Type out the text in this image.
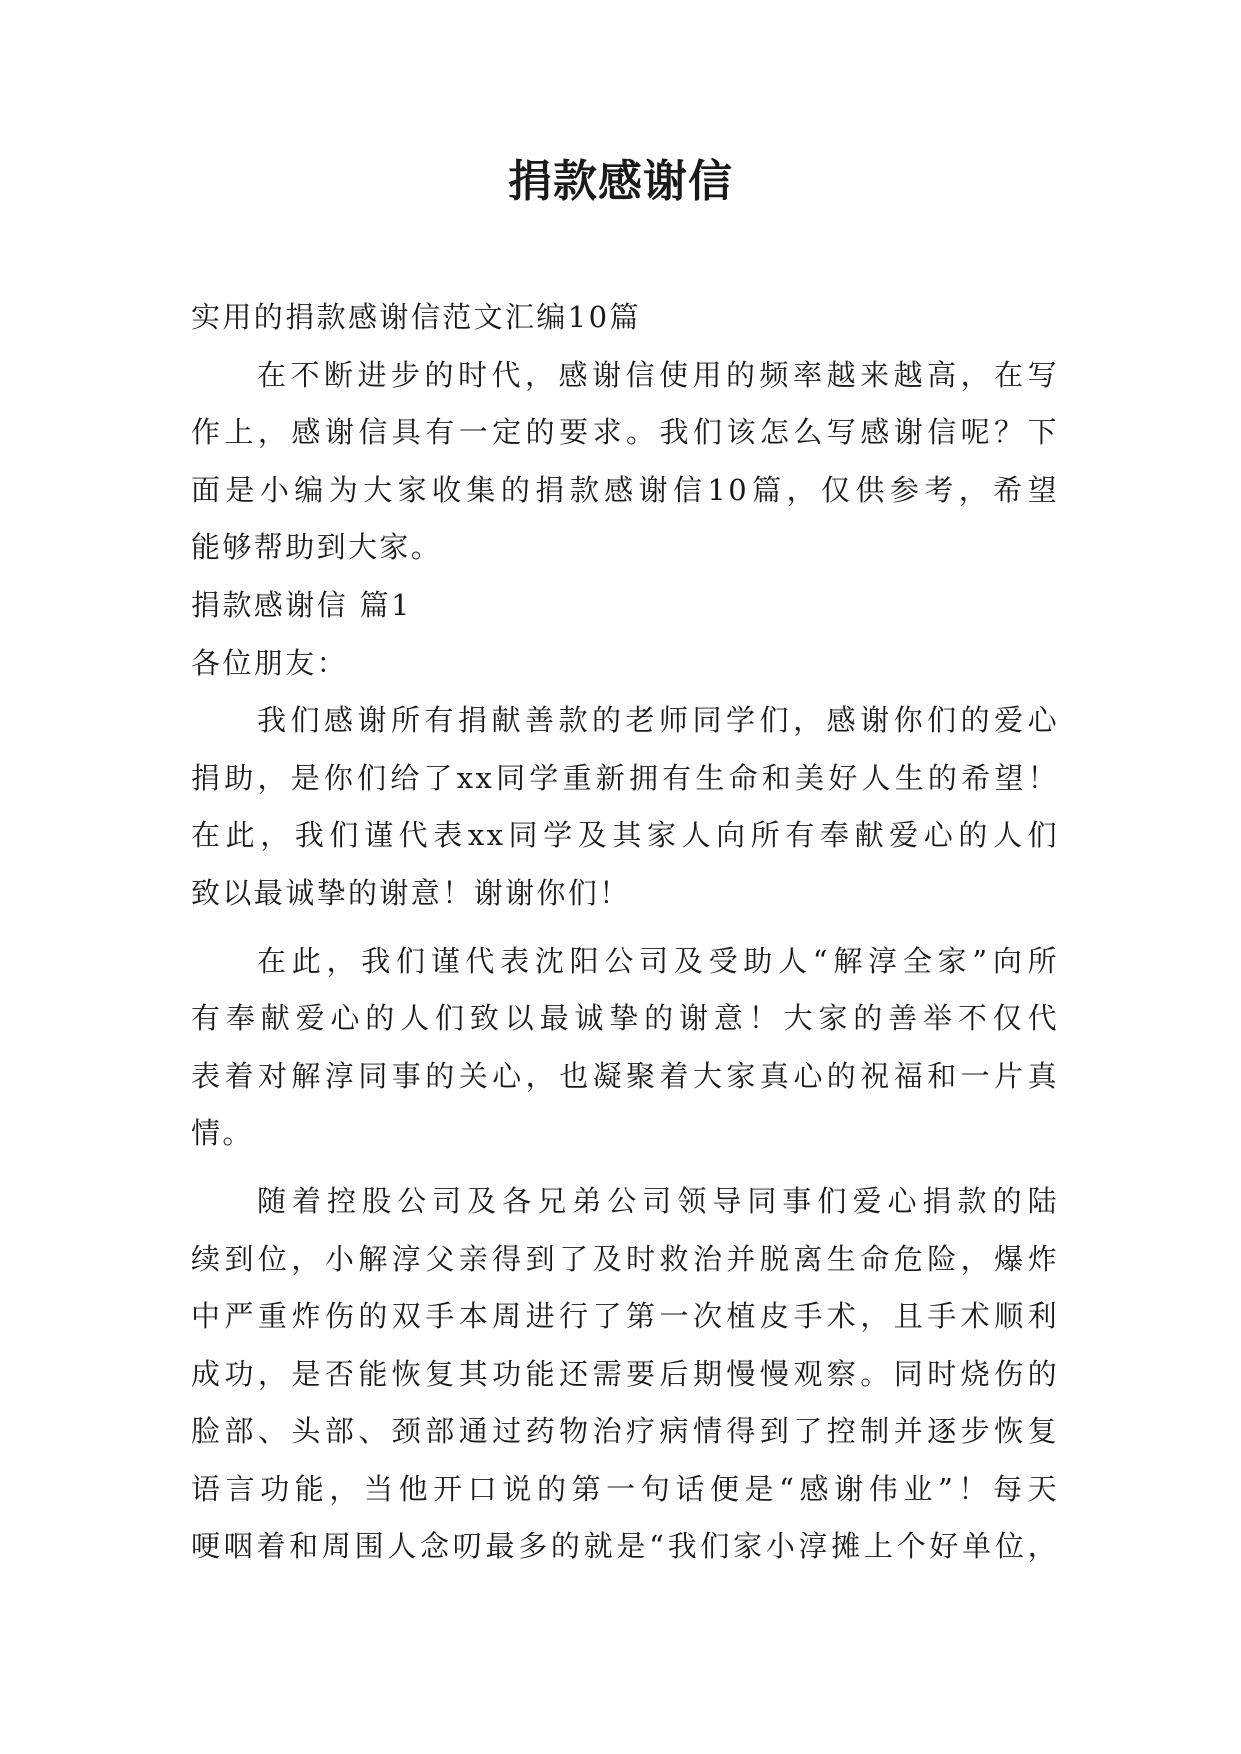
捐款感谢信

实用的捐款感谢信范文汇编10篇

在不断进步的时代，感谢信使用的频率越来越高，在写

作上，感谢信具有一定的要求。我们该怎么写感谢信呢？下

面是小编为大家收集的捐款感谢信10篇，仅供参考，希望

能够帮助到大家。

捐款感谢信 篇1

各位朋友：

我们感谢所有捐献善款的老师同学们，感谢你们的爱心

捐助，是你们给了xx同学重新拥有生命和美好人生的希望！

在此，我们谨代表xx同学及其家人向所有奉献爱心的人们

致以最诚挚的谢意！谢谢你们！

在此，我们谨代表沈阳公司及受助人“解淳全家”向所

有奉献爱心的人们致以最诚挚的谢意！大家的善举不仅代

表着对解淳同事的关心，也凝聚着大家真心的祝福和一片真

情。

随着控股公司及各兄弟公司领导同事们爱心捐款的陆

续到位，小解淳父亲得到了及时救治并脱离生命危险，爆炸

中严重炸伤的双手本周进行了第一次植皮手术，且手术顺利

成功，是否能恢复其功能还需要后期慢慢观察。同时烧伤的

脸部、头部、颈部通过药物治疗病情得到了控制并逐步恢复

语言功能，当他开口说的第一句话便是“感谢伟业”！每天

哽咽着和周围人念叨最多的就是“我们家小淳摊上个好单位，
